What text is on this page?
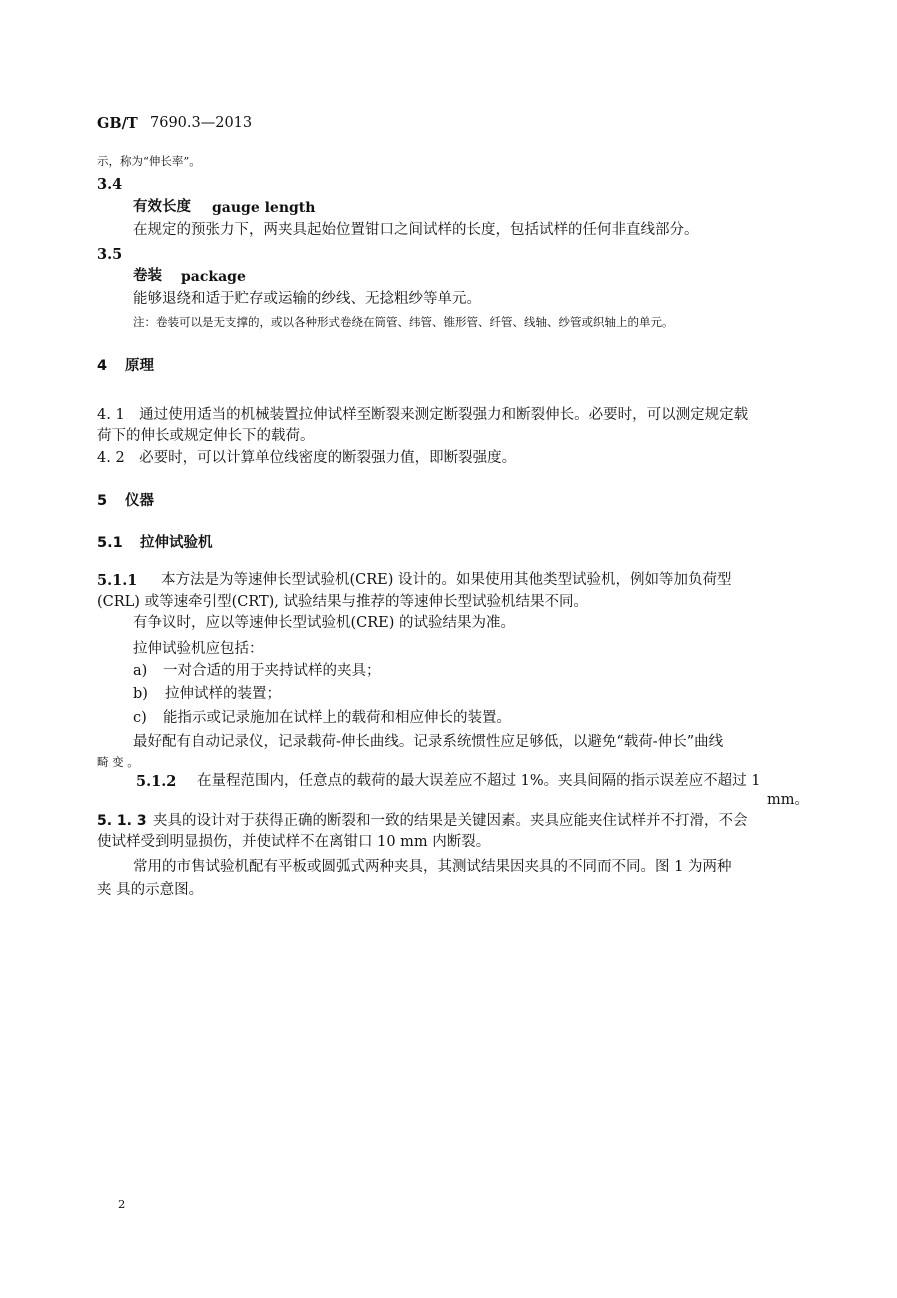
GB/T 7690.3—2013
示，称为“伸长率”。
3.4
有效长度 gauge length
在规定的预张力下，两夹具起始位置钳口之间试样的长度，包括试样的任何非直线部分。
3.5
卷装 package
能够退绕和适于贮存或运输的纱线、无捻粗纱等单元。
注：卷装可以是无支撑的，或以各种形式卷绕在筒管、纬管、锥形管、纤管、线轴、纱管或织轴上的单元。
4 原理
4. 1　通过使用适当的机械装置拉伸试样至断裂来测定断裂强力和断裂伸长。必要时，可以测定规定载
荷下的伸长或规定伸长下的载荷。
4. 2　必要时，可以计算单位线密度的断裂强力值，即断裂强度。
5 仪器
5.1 拉伸试验机
5.1.1 本方法是为等速伸长型试验机(CRE) 设计的。如果使用其他类型试验机，例如等加负荷型
(CRL) 或等速牵引型(CRT), 试验结果与推荐的等速伸长型试验机结果不同。
有争议时，应以等速伸长型试验机(CRE) 的试验结果为准。
拉伸试验机应包括：
a) 一对合适的用于夹持试样的夹具；
b) 拉伸试样的装置；
c) 能指示或记录施加在试样上的载荷和相应伸长的装置。
最好配有自动记录仪，记录载荷-伸长曲线。记录系统惯性应足够低，以避免“载荷-伸长”曲线
畸 变 。
5.1.2 在量程范围内，任意点的载荷的最大误差应不超过 1%。夹具间隔的指示误差应不超过 1
mm。
5. 1. 3 夹具的设计对于获得正确的断裂和一致的结果是关键因素。夹具应能夹住试样并不打滑，不会
使试样受到明显损伤，并使试样不在离钳口 10 mm 内断裂。
常用的市售试验机配有平板或圆弧式两种夹具，其测试结果因夹具的不同而不同。图 1 为两种
夹 具的示意图。
2
